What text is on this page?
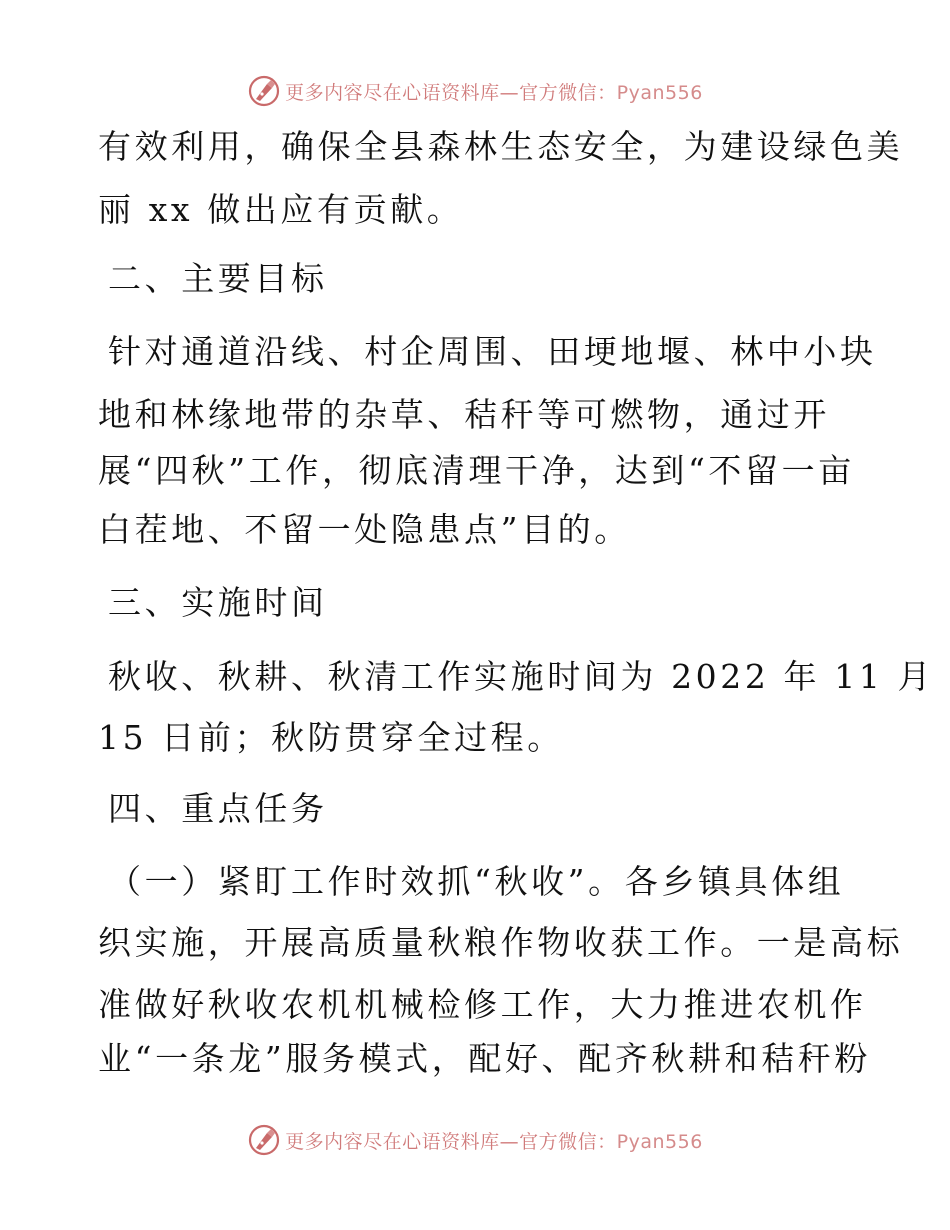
更多内容尽在心语资料库—官方微信：Pyan556
有效利用，确保全县森林生态安全，为建设绿色美
丽 xx 做出应有贡献。
二、主要目标
针对通道沿线、村企周围、田埂地堰、林中小块
地和林缘地带的杂草、秸秆等可燃物，通过开
展“四秋”工作，彻底清理干净，达到“不留一亩
白茬地、不留一处隐患点”目的。
三、实施时间
秋收、秋耕、秋清工作实施时间为 2022 年 11 月
15 日前；秋防贯穿全过程。
四、重点任务
（一）紧盯工作时效抓“秋收”。各乡镇具体组
织实施，开展高质量秋粮作物收获工作。一是高标
准做好秋收农机机械检修工作，大力推进农机作
业“一条龙”服务模式，配好、配齐秋耕和秸秆粉
更多内容尽在心语资料库—官方微信：Pyan556
